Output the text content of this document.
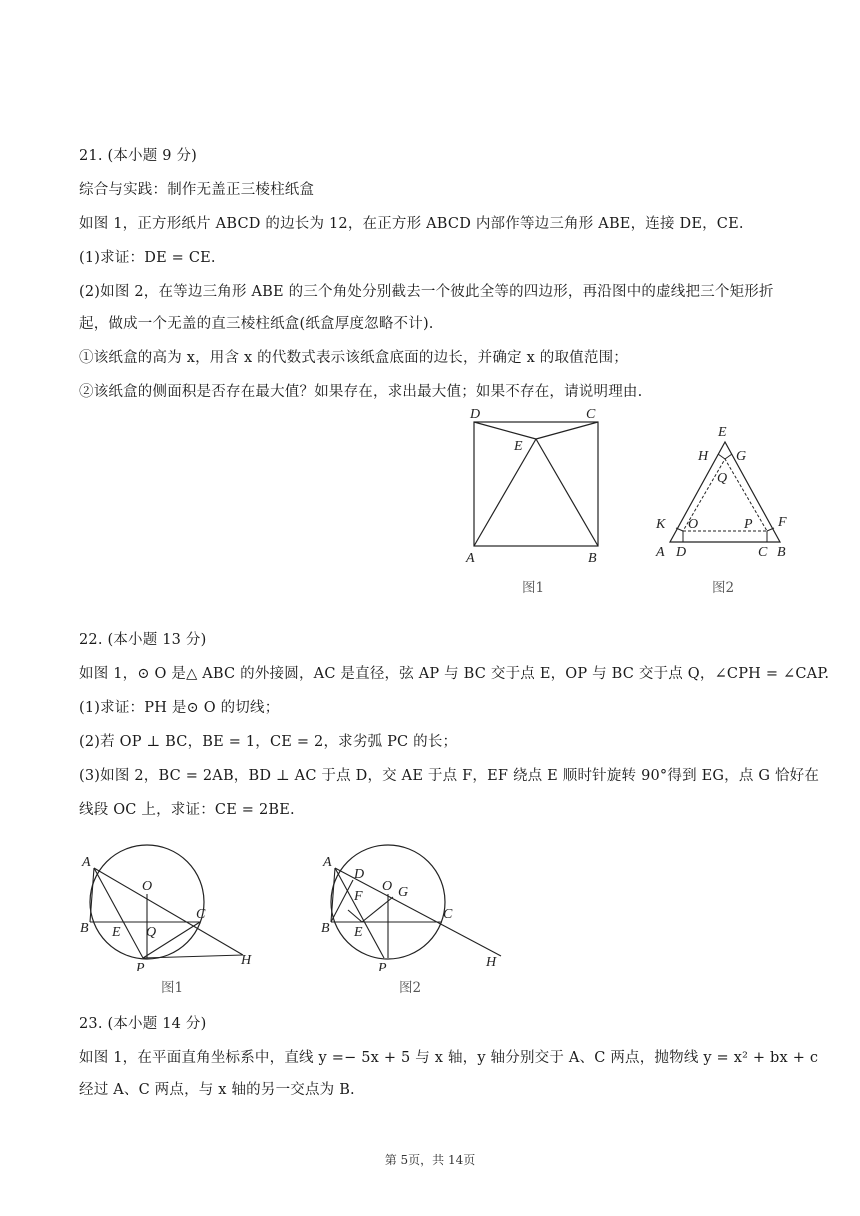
21. (本小题 9 分)
综合与实践：制作无盖正三棱柱纸盒
如图 1，正方形纸片 ABCD 的边长为 12，在正方形 ABCD 内部作等边三角形 ABE，连接 DE，CE.
(1)求证：DE = CE.
(2)如图 2，在等边三角形 ABE 的三个角处分别截去一个彼此全等的四边形，再沿图中的虚线把三个矩形折
起，做成一个无盖的直三棱柱纸盒(纸盒厚度忽略不计).
①该纸盒的高为 x，用含 x 的代数式表示该纸盒底面的边长，并确定 x 的取值范围；
②该纸盒的侧面积是否存在最大值？如果存在，求出最大值；如果不存在，请说明理由.
D	C
E
A	B
图1
E
H G
Q
K O	P F
A D	C B
图2
22. (本小题 13 分)
如图 1，⊙ O 是△ ABC 的外接圆，AC 是直径，弦 AP 与 BC 交于点 E，OP 与 BC 交于点 Q，∠CPH = ∠CAP.
(1)求证：PH 是⊙ O 的切线；
(2)若 OP ⊥ BC，BE = 1，CE = 2，求劣弧 PC 的长；
(3)如图 2，BC = 2AB，BD ⊥ AC 于点 D，交 AE 于点 F，EF 绕点 E 顺时针旋转 90°得到 EG，点 G 恰好在
线段 OC 上，求证：CE = 2BE.
A
O
B E Q
C
P
H
图1
A
D
F
O G
B E
C
P	H
图2
23. (本小题 14 分)
如图 1，在平面直角坐标系中，直线 y =− 5x + 5 与 x 轴，y 轴分别交于 A、C 两点，抛物线 y = x² + bx + c
经过 A、C 两点，与 x 轴的另一交点为 B.
第 5页，共 14页
